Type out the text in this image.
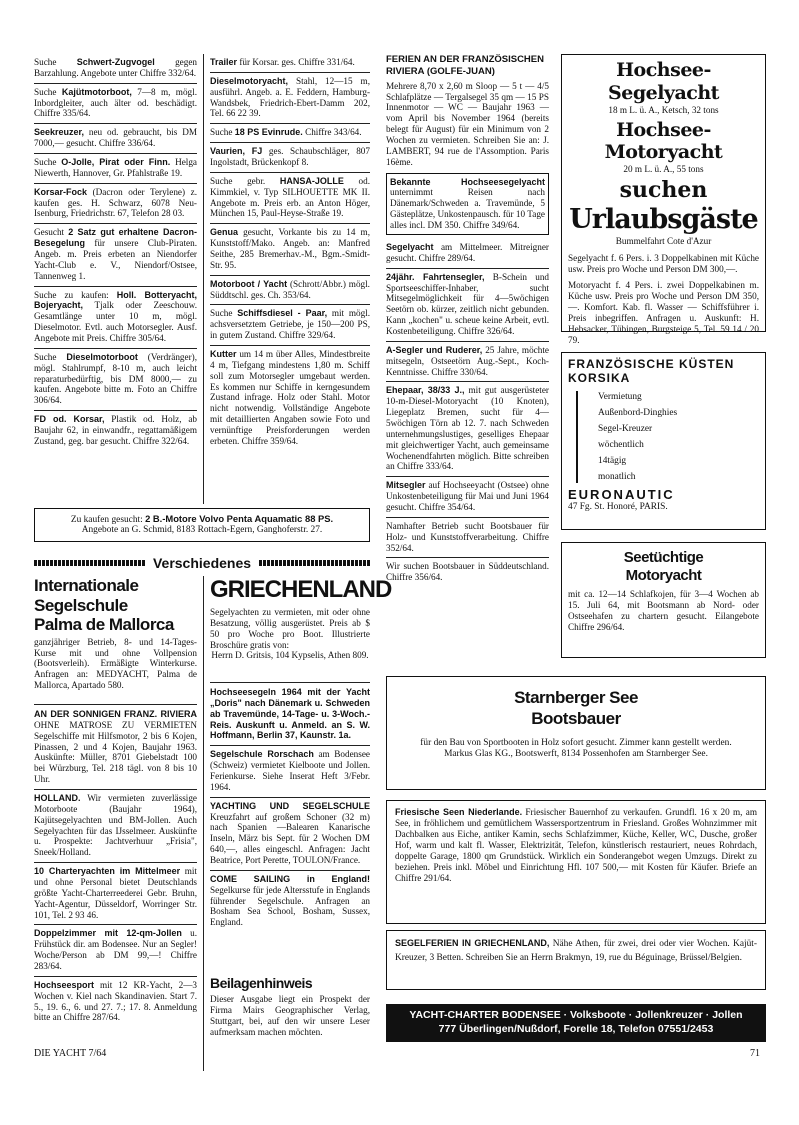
Suche Schwert-Zugvogel gegen Barzahlung. Angebote unter Chiffre 332/64.
Suche Kajütmotorboot, 7—8 m, mögl. Inbordgleiter, auch älter od. beschädigt. Chiffre 335/64.
Seekreuzer, neu od. gebraucht, bis DM 7000,— gesucht. Chiffre 336/64.
Suche O-Jolle, Pirat oder Finn. Helga Niewerth, Hannover, Gr. Pfahlstraße 19.
Korsar-Fock (Dacron oder Terylene) z. kaufen ges. H. Schwarz, 6078 Neu-Isenburg, Friedrichstr. 67, Telefon 28 03.
Gesucht 2 Satz gut erhaltene Dacron-Besegelung für unsere Club-Piraten. Angeb. m. Preis erbeten an Niendorfer Yacht-Club e. V., Niendorf/Ostsee, Tannenweg 1.
Suche zu kaufen: Holl. Botteryacht, Bojeryacht, Tjalk oder Zeeschouw. Gesamtlänge unter 10 m, mögl. Dieselmotor. Evtl. auch Motorsegler. Ausf. Angebote mit Preis. Chiffre 305/64.
Suche Dieselmotorboot (Verdränger), mögl. Stahlrumpf, 8-10 m, auch leicht reparaturbedürftig, bis DM 8000,— zu kaufen. Angebote bitte m. Foto an Chiffre 306/64.
FD od. Korsar, Plastik od. Holz, ab Baujahr 62, in einwandfr., regattamäßigem Zustand, geg. bar gesucht. Chiffre 322/64.
Trailer für Korsar. ges. Chiffre 331/64.
Dieselmotoryacht, Stahl, 12—15 m, ausführl. Angeb. a. E. Feddern, Hamburg-Wandsbek, Friedrich-Ebert-Damm 202, Tel. 66 22 39.
Suche 18 PS Evinrude. Chiffre 343/64.
Vaurien, FJ ges. Schaubschläger, 807 Ingolstadt, Brückenkopf 8.
Suche gebr. HANSA-JOLLE od. Kimmkiel, v. Typ SILHOUETTE MK II. Angebote m. Preis erb. an Anton Höger, München 15, Paul-Heyse-Straße 19.
Genua gesucht, Vorkante bis zu 14 m, Kunststoff/Mako. Angeb. an: Manfred Seithe, 285 Bremerhav.-M., Bgm.-Smidt-Str. 95.
Motorboot / Yacht (Schrott/Abbr.) mögl. Süddtschl. ges. Ch. 353/64.
Suche Schiffsdiesel - Paar, mit mögl. achsversetztem Getriebe, je 150—200 PS, in gutem Zustand. Chiffre 329/64.
Kutter um 14 m über Alles, Mindestbreite 4 m, Tiefgang mindestens 1,80 m. Schiff soll zum Motorsegler umgebaut werden. Es kommen nur Schiffe in kerngesundem Zustand infrage. Holz oder Stahl. Motor nicht notwendig. Vollständige Angebote mit detaillierten Angaben sowie Foto und vernünftige Preisforderungen werden erbeten. Chiffre 359/64.
Zu kaufen gesucht: 2 B.-Motore Volvo Penta Aquamatic 88 PS.
Angebote an G. Schmid, 8183 Rottach-Egern, Ganghoferstr. 27.
Verschiedenes
Internationale
Segelschule
Palma de Mallorca
ganzjähriger Betrieb, 8- und 14-Tages-Kurse mit und ohne Vollpension (Bootsverleih). Ermäßigte Winterkurse. Anfragen an: MEDYACHT, Palma de Mallorca, Apartado 580.
AN DER SONNIGEN FRANZ. RIVIERA OHNE MATROSE ZU VERMIETEN Segelschiffe mit Hilfsmotor, 2 bis 6 Kojen, Pinassen, 2 und 4 Kojen, Baujahr 1963. Auskünfte: Müller, 8701 Giebelstadt 100 bei Würzburg, Tel. 218 tägl. von 8 bis 10 Uhr.
HOLLAND. Wir vermieten zuverlässige Motorboote (Baujahr 1964), Kajütsegelyachten und BM-Jollen. Auch Segelyachten für das IJsselmeer. Auskünfte u. Prospekte: Jachtverhuur „Frisia", Sneek/Holland.
10 Charteryachten im Mittelmeer mit und ohne Personal bietet Deutschlands größte Yacht-Charterreederei Gebr. Bruhn, Yacht-Agentur, Düsseldorf, Worringer Str. 101, Tel. 2 93 46.
Doppelzimmer mit 12-qm-Jollen u. Frühstück dir. am Bodensee. Nur an Segler! Woche/Person ab DM 99,—! Chiffre 283/64.
Hochseesport mit 12 KR-Yacht, 2—3 Wochen v. Kiel nach Skandinavien. Start 7. 5., 19. 6., 6. und 27. 7.; 17. 8. Anmeldung bitte an Chiffre 287/64.
GRIECHENLAND
Segelyachten zu vermieten, mit oder ohne Besatzung, völlig ausgerüstet. Preis ab $ 50 pro Woche pro Boot. Illustrierte Broschüre gratis von:
Herrn D. Gritsis, 104 Kypselis, Athen 809.
Hochseesegeln 1964 mit der Yacht „Doris" nach Dänemark u. Schweden ab Travemünde, 14-Tage- u. 3-Woch.-Reis. Auskunft u. Anmeld. an S. W. Hoffmann, Berlin 37, Kaunstr. 1a.
Segelschule Rorschach am Bodensee (Schweiz) vermietet Kielboote und Jollen. Ferienkurse. Siehe Inserat Heft 3/Febr. 1964.
YACHTING UND SEGELSCHULE Kreuzfahrt auf großem Schoner (32 m) nach Spanien —Balearen Kanarische Inseln, März bis Sept. für 2 Wochen DM 640,—, alles eingeschl. Anfragen: Jacht Beatrice, Port Perette, TOULON/France.
COME SAILING in England! Segelkurse für jede Altersstufe in Englands führender Segelschule. Anfragen an Bosham Sea School, Bosham, Sussex, England.
Beilagenhinweis
Dieser Ausgabe liegt ein Prospekt der Firma Mairs Geographischer Verlag, Stuttgart, bei, auf den wir unsere Leser aufmerksam machen möchten.
FERIEN AN DER FRANZÖSISCHEN RIVIERA (GOLFE-JUAN)
Mehrere 8,70 x 2,60 m Sloop — 5 t — 4/5 Schlafplätze — Tergalsegel 35 qm — 15 PS Innenmotor — WC — Baujahr 1963 — vom April bis November 1964 (bereits belegt für August) für ein Minimum von 2 Wochen zu vermieten. Schreiben Sie an: J. LAMBERT, 94 rue de l'Assomption. Paris 16ème.
Bekannte Hochseesegelyacht unternimmt Reisen nach Dänemark/Schweden a. Travemünde, 5 Gästeplätze, Unkostenpausch. für 10 Tage alles incl. DM 350. Chiffre 349/64.
Segelyacht am Mittelmeer. Mitreigner gesucht. Chiffre 289/64.
24jähr. Fahrtensegler, B-Schein und Sportseeschiffer-Inhaber, sucht Mitsegelmöglichkeit für 4—5wöchigen Seetörn ob. kürzer, zeitlich nicht gebunden. Kann „kochen" u. scheue keine Arbeit, evtl. Kostenbeteiligung. Chiffre 326/64.
A-Segler und Ruderer, 25 Jahre, möchte mitsegeln, Ostseetörn Aug.-Sept., Koch-Kenntnisse. Chiffre 330/64.
Ehepaar, 38/33 J., mit gut ausgerüsteter 10-m-Diesel-Motoryacht (10 Knoten), Liegeplatz Bremen, sucht für 4—5wöchigen Törn ab 12. 7. nach Schweden unternehmungslustiges, geselliges Ehepaar mit gleichwertiger Yacht, auch gemeinsame Wochenendfahrten möglich. Bitte schreiben an Chiffre 333/64.
Mitsegler auf Hochseeyacht (Ostsee) ohne Unkostenbeteiligung für Mai und Juni 1964 gesucht. Chiffre 354/64.
Namhafter Betrieb sucht Bootsbauer für Holz- und Kunststoffverarbeitung. Chiffre 352/64.
Wir suchen Bootsbauer in Süddeutschland. Chiffre 356/64.
Hochsee-Segelyacht
18 m L. ü. A., Ketsch, 32 tons
Hochsee-Motoryacht
20 m L. ü. A., 55 tons
suchen
Urlaubsgäste
Bummelfahrt Cote d'Azur
Segelyacht f. 6 Pers. i. 3 Doppelkabinen mit Küche usw. Preis pro Woche und Person DM 300,—.
Motoryacht f. 4 Pers. i. zwei Doppelkabinen m. Küche usw. Preis pro Woche und Person DM 350,—. Komfort. Kab. fl. Wasser — Schiffsführer i. Preis inbegriffen. Anfragen u. Auskunft: H. Hebsacker, Tübingen, Burgsteige 5, Tel. 59 14 / 20 79.
FRANZÖSISCHE KÜSTEN
KORSIKA
Vermietung
Außenbord-Dinghies
Segel-Kreuzer
wöchentlich
14tägig
monatlich
EURONAUTIC
47 Fg. St. Honoré, PARIS.
Seetüchtige
Motoryacht
mit ca. 12—14 Schlafkojen, für 3—4 Wochen ab 15. Juli 64, mit Bootsmann ab Nord- oder Ostseehafen zu chartern gesucht. Eilangebote Chiffre 296/64.
Starnberger See
Bootsbauer
für den Bau von Sportbooten in Holz sofort gesucht. Zimmer kann gestellt werden. Markus Glas KG., Bootswerft, 8134 Possenhofen am Starnberger See.
Friesische Seen Niederlande. Friesischer Bauernhof zu verkaufen. Grundfl. 16 x 20 m, am See, in fröhlichem und gemütlichem Wassersportzentrum in Friesland. Großes Wohnzimmer mit Dachbalken aus Eiche, antiker Kamin, sechs Schlafzimmer, Küche, Keller, WC, Dusche, großer Hof, warm und kalt fl. Wasser, Elektrizität, Telefon, künstlerisch restauriert, neues Rohrdach, doppelte Garage, 1800 qm Grundstück. Wirklich ein Sonderangebot wegen Umzugs. Direkt zu beziehen. Preis inkl. Möbel und Einrichtung Hfl. 107 500,— mit Kosten für Käufer. Briefe an Chiffre 291/64.
SEGELFERIEN IN GRIECHENLAND, Nähe Athen, für zwei, drei oder vier Wochen. Kajüt-Kreuzer, 3 Betten. Schreiben Sie an Herrn Brakmyn, 19, rue du Béguinage, Brüssel/Belgien.
YACHT-CHARTER BODENSEE · Volksboote · Jollenkreuzer · Jollen
777 Überlingen/Nußdorf, Forelle 18, Telefon 07551/2453
DIE YACHT 7/64	71
